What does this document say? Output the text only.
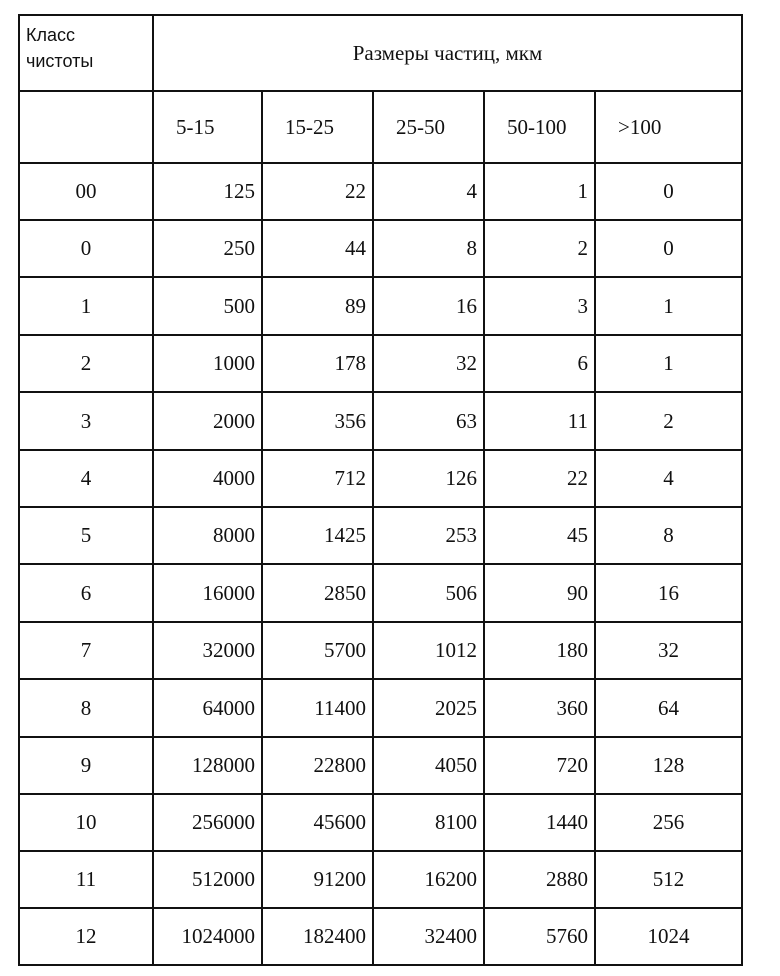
Класс
чистоты	Размеры частиц, мкм				
	5-15	15-25	25-50	50-100	>100
00	125	22	4	1	0
0	250	44	8	2	0
1	500	89	16	3	1
2	1000	178	32	6	1
3	2000	356	63	11	2
4	4000	712	126	22	4
5	8000	1425	253	45	8
6	16000	2850	506	90	16
7	32000	5700	1012	180	32
8	64000	11400	2025	360	64
9	128000	22800	4050	720	128
10	256000	45600	8100	1440	256
11	512000	91200	16200	2880	512
12	1024000	182400	32400	5760	1024
